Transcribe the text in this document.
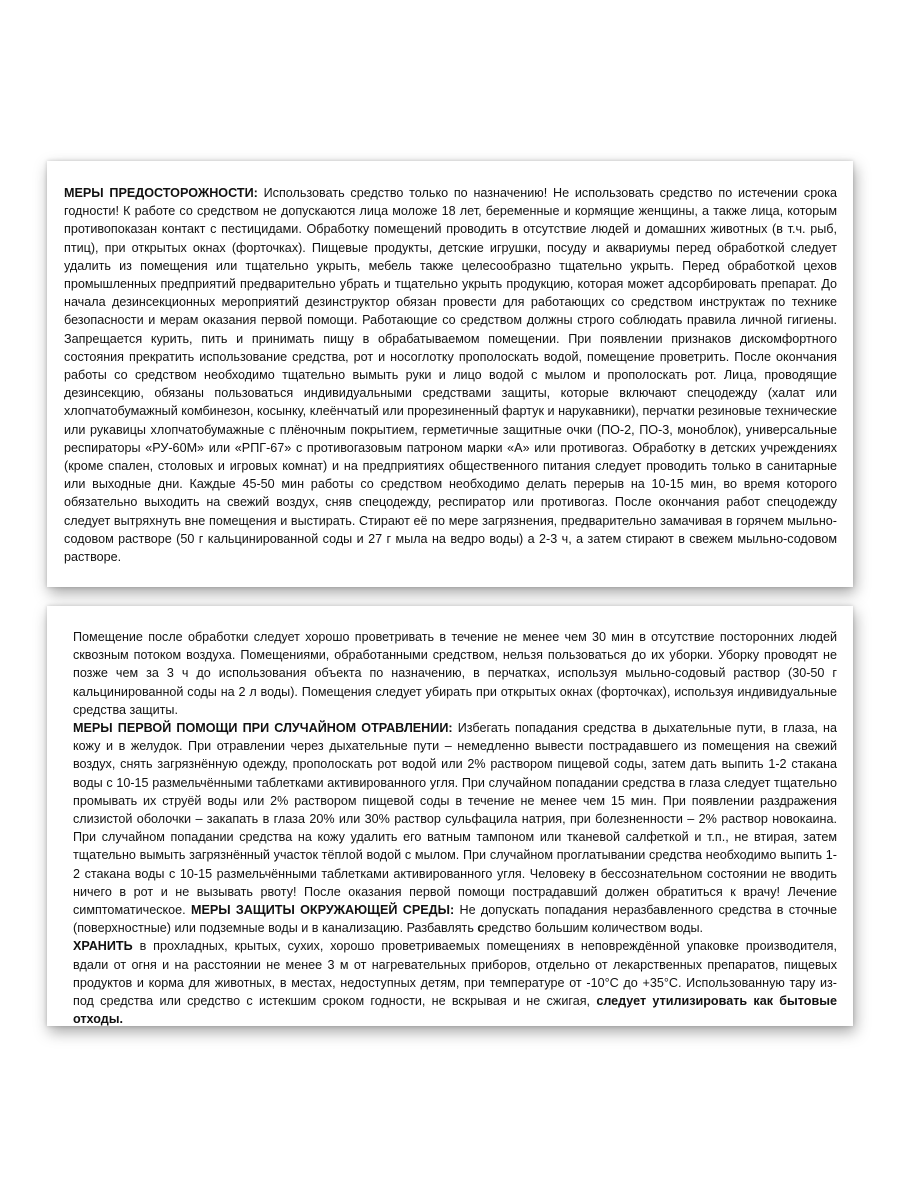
МЕРЫ ПРЕДОСТОРОЖНОСТИ: Использовать средство только по назначению! Не использовать средство по истечении срока годности! К работе со средством не допускаются лица моложе 18 лет, беременные и кормящие женщины, а также лица, которым противопоказан контакт с пестицидами. Обработку помещений проводить в отсутствие людей и домашних животных (в т.ч. рыб, птиц), при открытых окнах (форточках). Пищевые продукты, детские игрушки, посуду и аквариумы перед обработкой следует удалить из помещения или тщательно укрыть, мебель также целесообразно тщательно укрыть. Перед обработкой цехов промышленных предприятий предварительно убрать и тщательно укрыть продукцию, которая может адсорбировать препарат. До начала дезинсекционных мероприятий дезинструктор обязан провести для работающих со средством инструктаж по технике безопасности и мерам оказания первой помощи. Работающие со средством должны строго соблюдать правила личной гигиены. Запрещается курить, пить и принимать пищу в обрабатываемом помещении. При появлении признаков дискомфортного состояния прекратить использование средства, рот и носоглотку прополоскать водой, помещение проветрить. После окончания работы со средством необходимо тщательно вымыть руки и лицо водой с мылом и прополоскать рот. Лица, проводящие дезинсекцию, обязаны пользоваться индивидуальными средствами защиты, которые включают спецодежду (халат или хлопчатобумажный комбинезон, косынку, клеёнчатый или прорезиненный фартук и нарукавники), перчатки резиновые технические или рукавицы хлопчатобумажные с плёночным покрытием, герметичные защитные очки (ПО-2, ПО-3, моноблок), универсальные респираторы «РУ-60М» или «РПГ-67» с противогазовым патроном марки «А» или противогаз. Обработку в детских учреждениях (кроме спален, столовых и игровых комнат) и на предприятиях общественного питания следует проводить только в санитарные или выходные дни. Каждые 45-50 мин работы со средством необходимо делать перерыв на 10-15 мин, во время которого обязательно выходить на свежий воздух, сняв спецодежду, респиратор или противогаз. После окончания работ спецодежду следует вытряхнуть вне помещения и выстирать. Стирают её по мере загрязнения, предварительно замачивая в горячем мыльно-содовом растворе (50 г кальцинированной соды и 27 г мыла на ведро воды) а 2-3 ч, а затем стирают в свежем мыльно-содовом растворе.

Помещение после обработки следует хорошо проветривать в течение не менее чем 30 мин в отсутствие посторонних людей сквозным потоком воздуха. Помещениями, обработанными средством, нельзя пользоваться до их уборки. Уборку проводят не позже чем за 3 ч до использования объекта по назначению, в перчатках, используя мыльно-содовый раствор (30-50 г кальцинированной соды на 2 л воды). Помещения следует убирать при открытых окнах (форточках), используя индивидуальные средства защиты.

МЕРЫ ПЕРВОЙ ПОМОЩИ ПРИ СЛУЧАЙНОМ ОТРАВЛЕНИИ: Избегать попадания средства в дыхательные пути, в глаза, на кожу и в желудок. При отравлении через дыхательные пути – немедленно вывести пострадавшего из помещения на свежий воздух, снять загрязнённую одежду, прополоскать рот водой или 2% раствором пищевой соды, затем дать выпить 1-2 стакана воды с 10-15 размельчёнными таблетками активированного угля. При случайном попадании средства в глаза следует тщательно промывать их струёй воды или 2% раствором пищевой соды в течение не менее чем 15 мин. При появлении раздражения слизистой оболочки – закапать в глаза 20% или 30% раствор сульфацила натрия, при болезненности – 2% раствор новокаина. При случайном попадании средства на кожу удалить его ватным тампоном или тканевой салфеткой и т.п., не втирая, затем тщательно вымыть загрязнённый участок тёплой водой с мылом. При случайном проглатывании средства необходимо выпить 1-2 стакана воды с 10-15 размельчёнными таблетками активированного угля. Человеку в бессознательном состоянии не вводить ничего в рот и не вызывать рвоту! После оказания первой помощи пострадавший должен обратиться к врачу! Лечение симптоматическое. МЕРЫ ЗАЩИТЫ ОКРУЖАЮЩЕЙ СРЕДЫ: Не допускать попадания неразбавленного средства в сточные (поверхностные) или подземные воды и в канализацию. Разбавлять средство большим количеством воды.

ХРАНИТЬ в прохладных, крытых, сухих, хорошо проветриваемых помещениях в неповреждённой упаковке производителя, вдали от огня и на расстоянии не менее 3 м от нагревательных приборов, отдельно от лекарственных препаратов, пищевых продуктов и корма для животных, в местах, недоступных детям, при температуре от -10°С до +35°С. Использованную тару из-под средства или средство с истекшим сроком годности, не вскрывая и не сжигая, следует утилизировать как бытовые отходы.
